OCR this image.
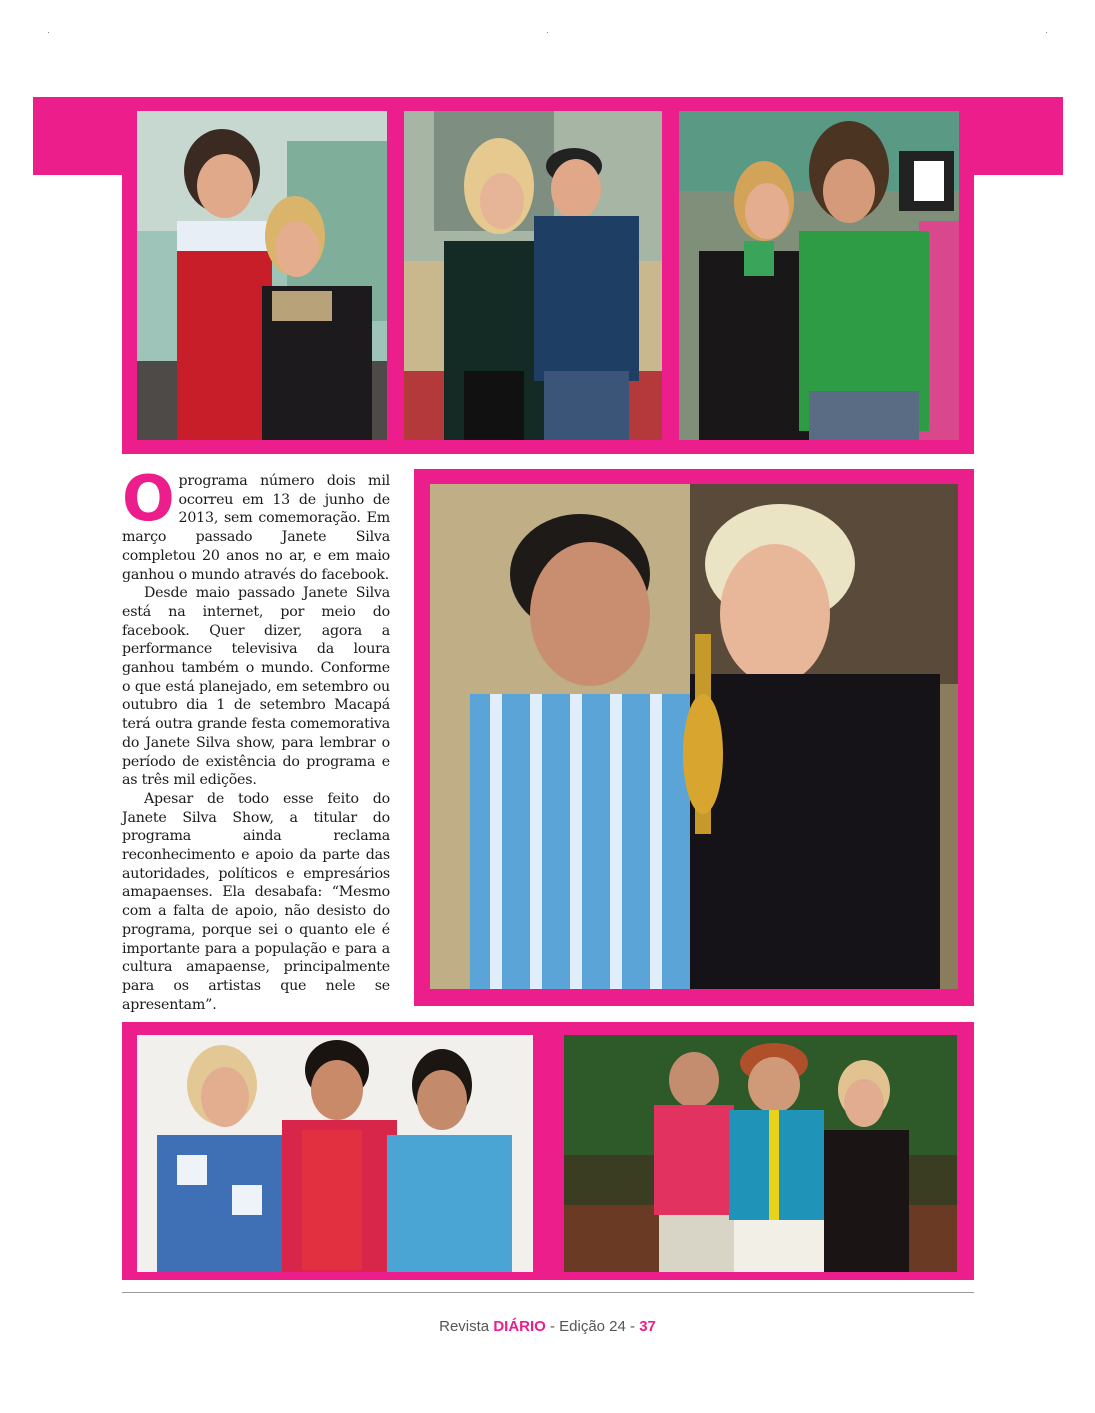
Oprograma número dois mil ocorreu em 13 de junho de 2013, sem comemoração. Em março passado Janete Silva completou 20 anos no ar, e em maio ganhou o mundo através do facebook.

Desde maio passado Janete Silva está na internet, por meio do facebook. Quer dizer, agora a performance televisiva da loura ganhou também o mundo. Conforme o que está planejado, em setembro ou outubro dia 1 de setembro Macapá terá outra grande festa comemorativa do Janete Silva show, para lembrar o período de existência do programa e as três mil edições.

Apesar de todo esse feito do Janete Silva Show, a titular do programa ainda reclama reconhecimento e apoio da parte das autoridades, políticos e empresários amapaenses. Ela desabafa: “Mesmo com a falta de apoio, não desisto do programa, porque sei o quanto ele é importante para a população e para a cultura amapaense, principalmente para os artistas que nele se apresentam”.

Revista DIÁRIO - Edição 24 - 37
